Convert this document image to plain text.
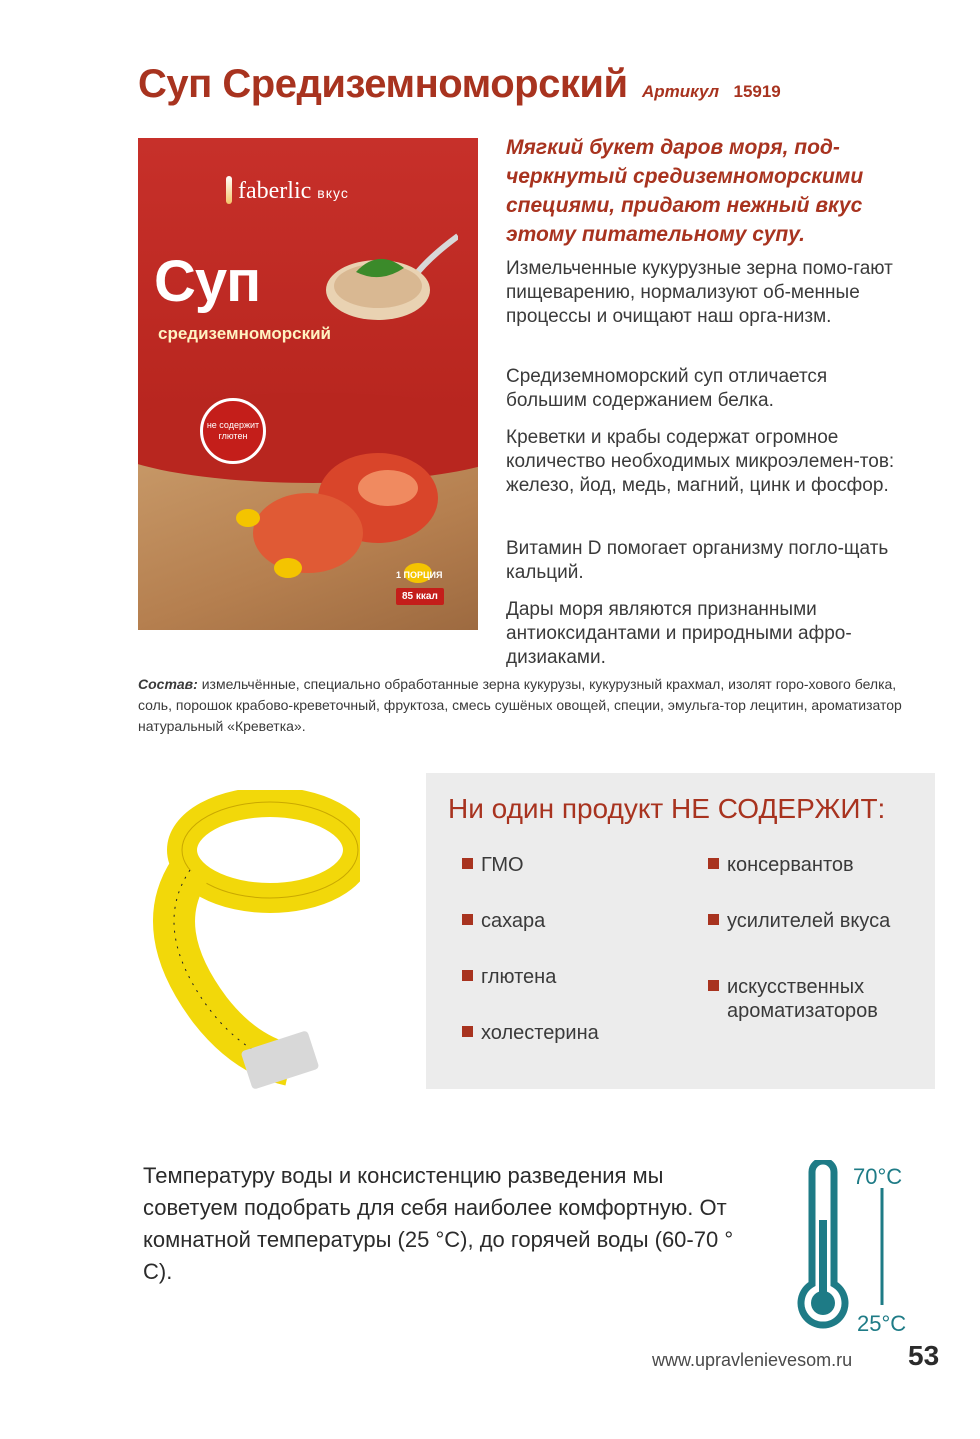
Суп Средиземноморский Артикул 15919
faberlic вкус
Суп
средиземноморский
не содержит глютен
1 ПОРЦИЯ
85 ккал
Мягкий букет даров моря, под-черкнутый средиземноморскими специями, придают нежный вкус этому питательному супу.
Измельченные кукурузные зерна помо-гают пищеварению, нормализуют об-менные процессы и очищают наш орга-низм.
Средиземноморский суп отличается большим содержанием белка.
Креветки и крабы содержат огромное количество необходимых микроэлемен-тов: железо, йод, медь, магний, цинк и фосфор.
Витамин D помогает организму погло-щать кальций.
Дары моря являются признанными антиоксидантами и природными афро-дизиаками.
Состав: измельчённые, специально обработанные зерна кукурузы, кукурузный крахмал, изолят горо-хового белка, соль, порошок крабово-креветочный, фруктоза, смесь сушёных овощей, специи, эмульга-тор лецитин, ароматизатор натуральный «Креветка».
Ни один продукт НЕ СОДЕРЖИТ:
ГМО
сахара
глютена
холестерина
консервантов
усилителей вкуса
искусственных ароматизаторов
Температуру воды и консистенцию разведения мы советуем подобрать для себя наиболее комфортную. От комнатной температуры (25 °C), до горячей воды (60-70 ° C).
70°C
25°C
www.upravlenievesom.ru 53
